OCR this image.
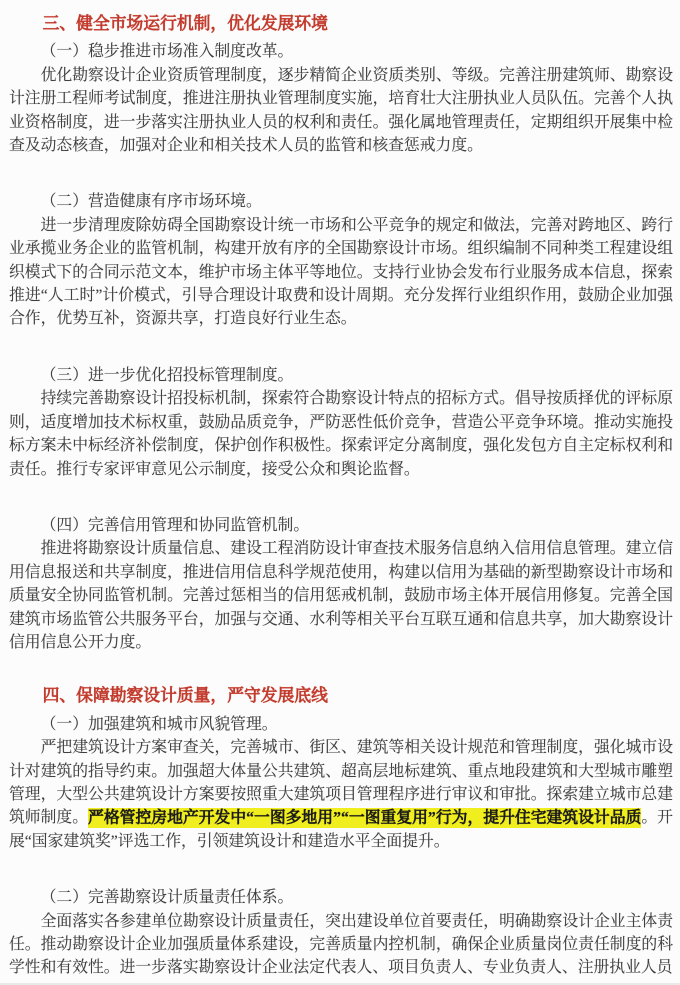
三、健全市场运行机制，优化发展环境

（一）稳步推进市场准入制度改革。

优化勘察设计企业资质管理制度，逐步精简企业资质类别、等级。完善注册建筑师、勘察设计注册工程师考试制度，推进注册执业管理制度实施，培育壮大注册执业人员队伍。完善个人执业资格制度，进一步落实注册执业人员的权利和责任。强化属地管理责任，定期组织开展集中检查及动态核查，加强对企业和相关技术人员的监管和核查惩戒力度。

（二）营造健康有序市场环境。

进一步清理废除妨碍全国勘察设计统一市场和公平竞争的规定和做法，完善对跨地区、跨行业承揽业务企业的监管机制，构建开放有序的全国勘察设计市场。组织编制不同种类工程建设组织模式下的合同示范文本，维护市场主体平等地位。支持行业协会发布行业服务成本信息，探索推进“人工时”计价模式，引导合理设计取费和设计周期。充分发挥行业组织作用，鼓励企业加强合作，优势互补，资源共享，打造良好行业生态。

（三）进一步优化招投标管理制度。

持续完善勘察设计招投标机制，探索符合勘察设计特点的招标方式。倡导按质择优的评标原则，适度增加技术标权重，鼓励品质竞争，严防恶性低价竞争，营造公平竞争环境。推动实施投标方案未中标经济补偿制度，保护创作积极性。探索评定分离制度，强化发包方自主定标权利和责任。推行专家评审意见公示制度，接受公众和舆论监督。

（四）完善信用管理和协同监管机制。

推进将勘察设计质量信息、建设工程消防设计审查技术服务信息纳入信用信息管理。建立信用信息报送和共享制度，推进信用信息科学规范使用，构建以信用为基础的新型勘察设计市场和质量安全协同监管机制。完善过惩相当的信用惩戒机制，鼓励市场主体开展信用修复。完善全国建筑市场监管公共服务平台，加强与交通、水利等相关平台互联互通和信息共享，加大勘察设计信用信息公开力度。

四、保障勘察设计质量，严守发展底线

（一）加强建筑和城市风貌管理。

严把建筑设计方案审查关，完善城市、街区、建筑等相关设计规范和管理制度，强化城市设计对建筑的指导约束。加强超大体量公共建筑、超高层地标建筑、重点地段建筑和大型城市雕塑管理，大型公共建筑设计方案要按照重大建筑项目管理程序进行审议和审批。探索建立城市总建筑师制度。严格管控房地产开发中“一图多地用”“一图重复用”行为，提升住宅建筑设计品质。开展“国家建筑奖”评选工作，引领建筑设计和建造水平全面提升。

（二）完善勘察设计质量责任体系。

全面落实各参建单位勘察设计质量责任，突出建设单位首要责任，明确勘察设计企业主体责任。推动勘察设计企业加强质量体系建设，完善质量内控机制，确保企业质量岗位责任制度的科学性和有效性。进一步落实勘察设计企业法定代表人、项目负责人、专业负责人、注册执业人员
